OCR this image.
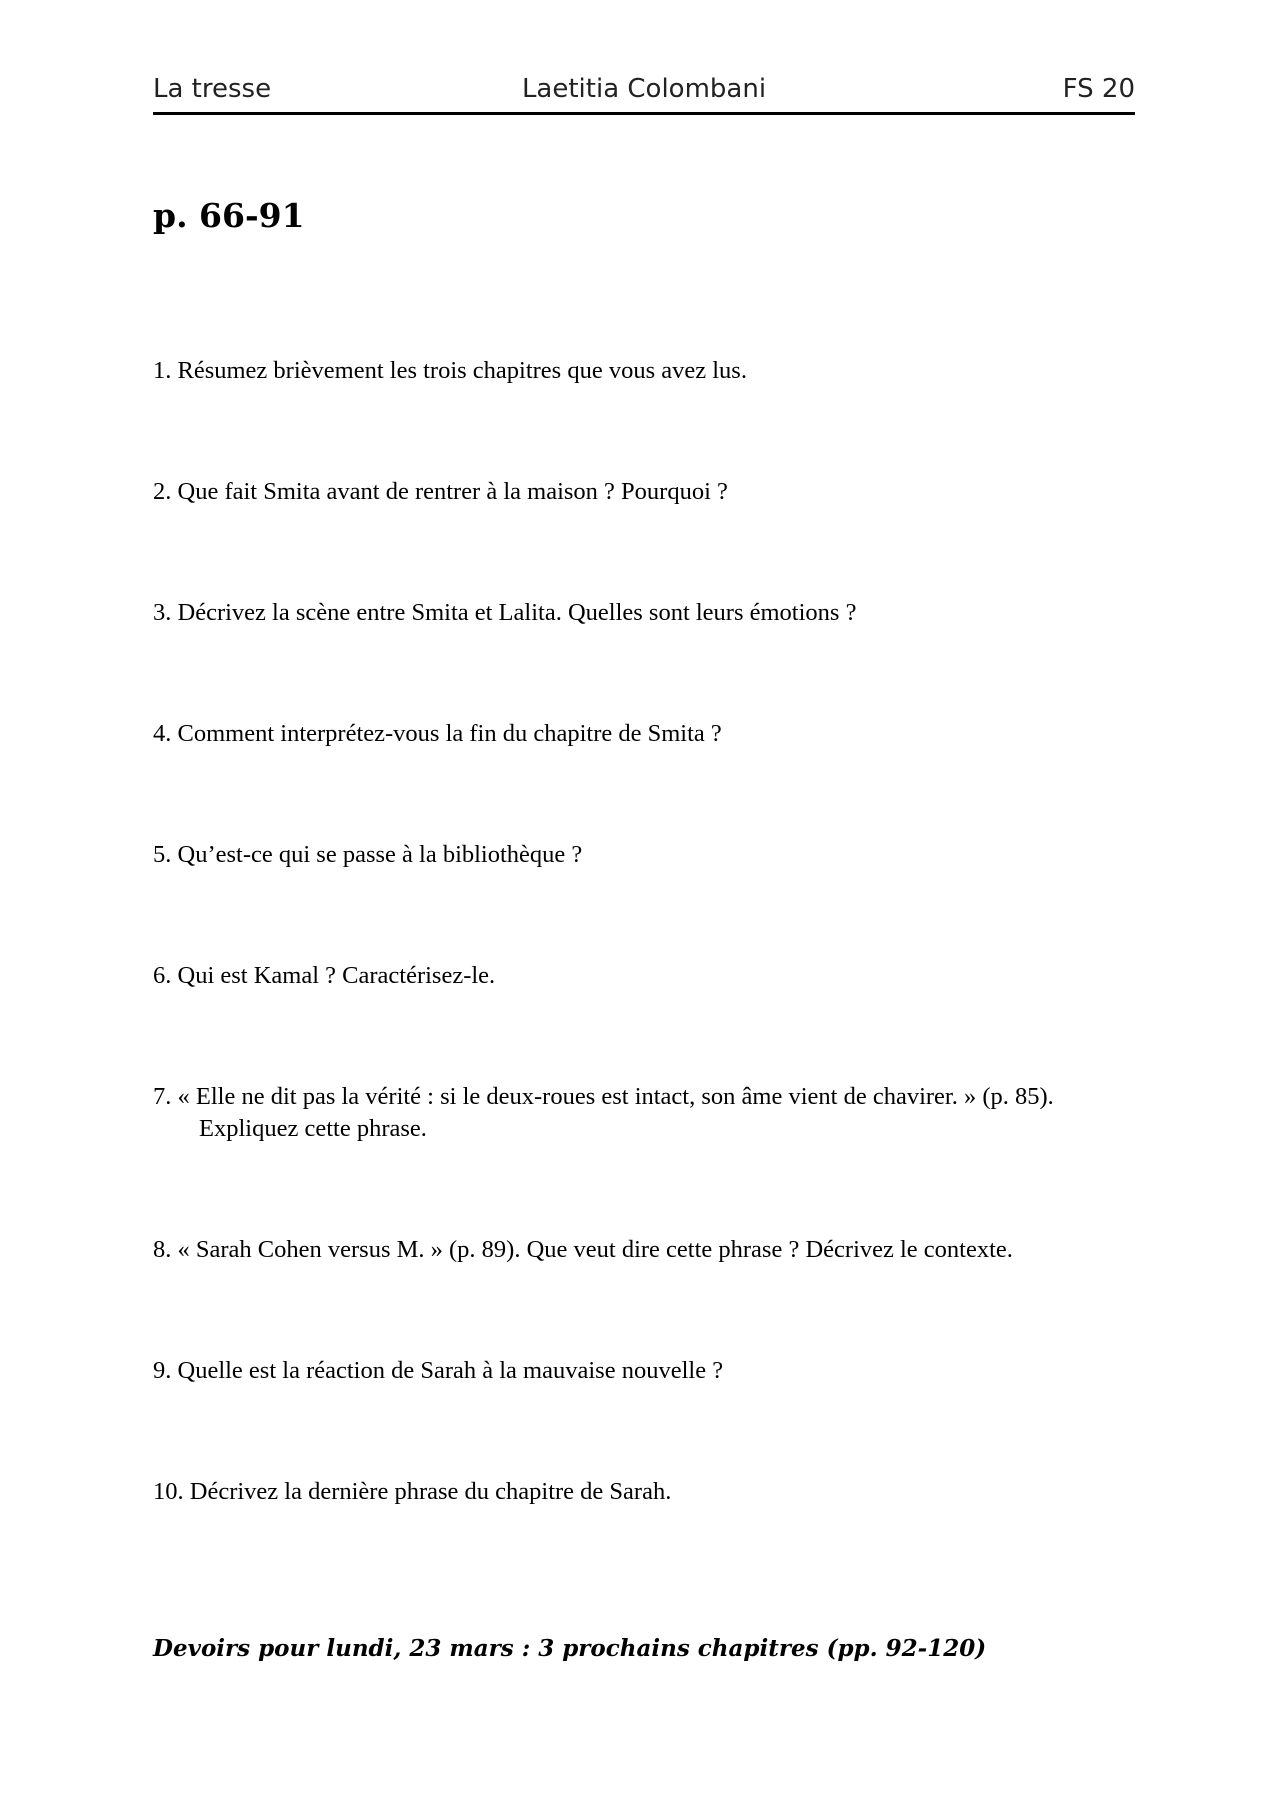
La tresse	Laetitia Colombani	FS 20
p. 66-91
1. Résumez brièvement les trois chapitres que vous avez lus.
2. Que fait Smita avant de rentrer à la maison ? Pourquoi ?
3. Décrivez la scène entre Smita et Lalita. Quelles sont leurs émotions ?
4. Comment interprétez-vous la fin du chapitre de Smita ?
5. Qu’est-ce qui se passe à la bibliothèque ?
6. Qui est Kamal ? Caractérisez-le.
7. « Elle ne dit pas la vérité : si le deux-roues est intact, son âme vient de chavirer. » (p. 85). Expliquez cette phrase.
8. « Sarah Cohen versus M. » (p. 89). Que veut dire cette phrase ? Décrivez le contexte.
9. Quelle est la réaction de Sarah à la mauvaise nouvelle ?
10. Décrivez la dernière phrase du chapitre de Sarah.
Devoirs pour lundi, 23 mars : 3 prochains chapitres (pp. 92-120)
